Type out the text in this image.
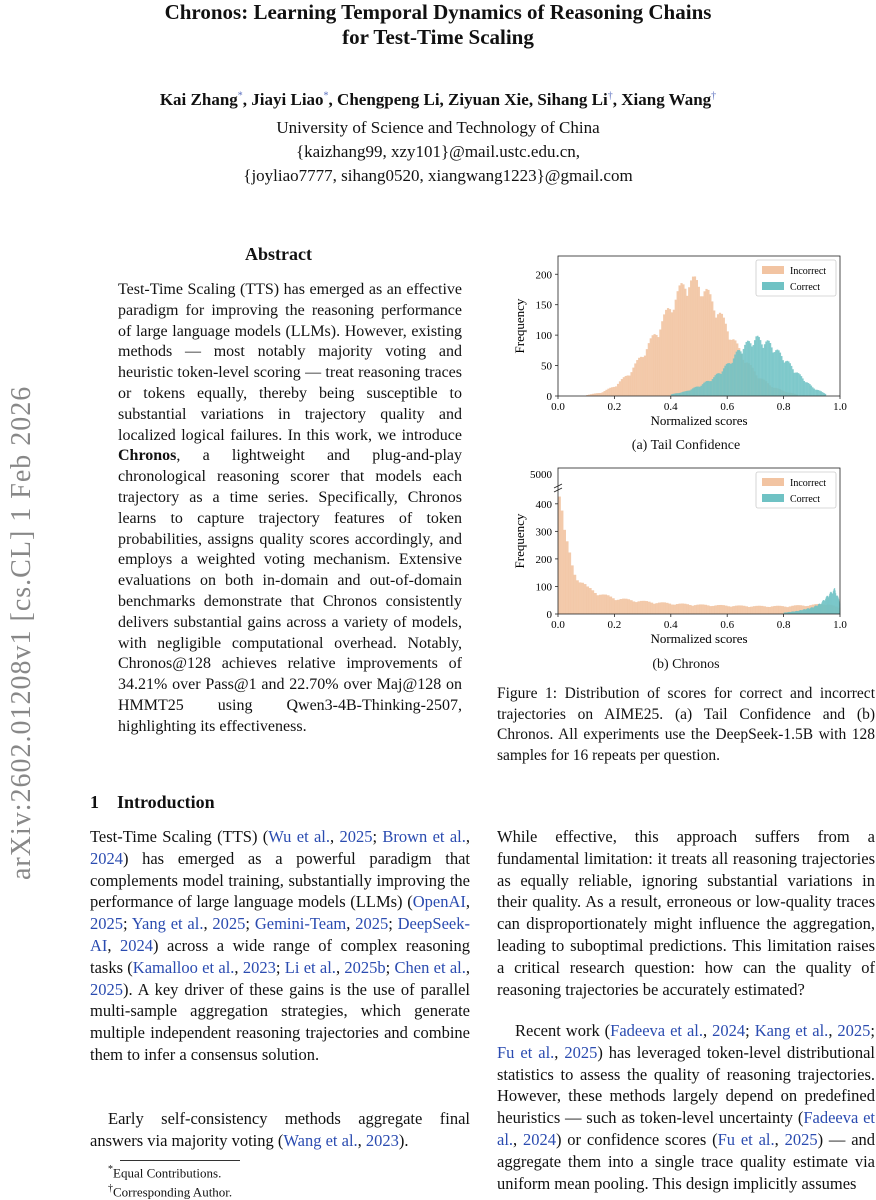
Chronos: Learning Temporal Dynamics of Reasoning Chains
for Test-Time Scaling
Kai Zhang*, Jiayi Liao*, Chengpeng Li, Ziyuan Xie, Sihang Li†, Xiang Wang†
University of Science and Technology of China
{kaizhang99, xzy101}@mail.ustc.edu.cn,
{joyliao7777, sihang0520, xiangwang1223}@gmail.com
arXiv:2602.01208v1 [cs.CL] 1 Feb 2026
Abstract
Test-Time Scaling (TTS) has emerged as an effective paradigm for improving the reasoning performance of large language models (LLMs). However, existing methods — most notably majority voting and heuristic token-level scoring — treat reasoning traces or tokens equally, thereby being susceptible to substantial variations in trajectory quality and localized logical failures. In this work, we introduce Chronos, a lightweight and plug-and-play chronological reasoning scorer that models each trajectory as a time series. Specifically, Chronos learns to capture trajectory features of token probabilities, assigns quality scores accordingly, and employs a weighted voting mechanism. Extensive evaluations on both in-domain and out-of-domain benchmarks demonstrate that Chronos consistently delivers substantial gains across a variety of models, with negligible computational overhead. Notably, Chronos@128 achieves relative improvements of 34.21% over Pass@1 and 22.70% over Maj@128 on HMMT25 using Qwen3-4B-Thinking-2507, highlighting its effectiveness.
1 Introduction
Test-Time Scaling (TTS) (Wu et al., 2025; Brown et al., 2024) has emerged as a powerful paradigm that complements model training, substantially improving the performance of large language models (LLMs) (OpenAI, 2025; Yang et al., 2025; Gemini-Team, 2025; DeepSeek-AI, 2024) across a wide range of complex reasoning tasks (Kamalloo et al., 2023; Li et al., 2025b; Chen et al., 2025). A key driver of these gains is the use of parallel multi-sample aggregation strategies, which generate multiple independent reasoning trajectories and combine them to infer a consensus solution.
Early self-consistency methods aggregate final answers via majority voting (Wang et al., 2023).
*Equal Contributions.
†Corresponding Author.
0.0	0.2	0.4	0.6	0.8	1.0
0
50
100
150
200
Normalized scores
Frequency
Incorrect
Correct
(a) Tail Confidence
0.0	0.2	0.4	0.6	0.8	1.0
0
100
200
300
400
5000
Normalized scores
Frequency
Incorrect
Correct
(b) Chronos
Figure 1: Distribution of scores for correct and incorrect trajectories on AIME25. (a) Tail Confidence and (b) Chronos. All experiments use the DeepSeek-1.5B with 128 samples for 16 repeats per question.
While effective, this approach suffers from a fundamental limitation: it treats all reasoning trajectories as equally reliable, ignoring substantial variations in their quality. As a result, erroneous or low-quality traces can disproportionately might influence the aggregation, leading to suboptimal predictions. This limitation raises a critical research question: how can the quality of reasoning trajectories be accurately estimated?
Recent work (Fadeeva et al., 2024; Kang et al., 2025; Fu et al., 2025) has leveraged token-level distributional statistics to assess the quality of reasoning trajectories. However, these methods largely depend on predefined heuristics — such as token-level uncertainty (Fadeeva et al., 2024) or confidence scores (Fu et al., 2025) — and aggregate them into a single trace quality estimate via uniform mean pooling. This design implicitly assumes
